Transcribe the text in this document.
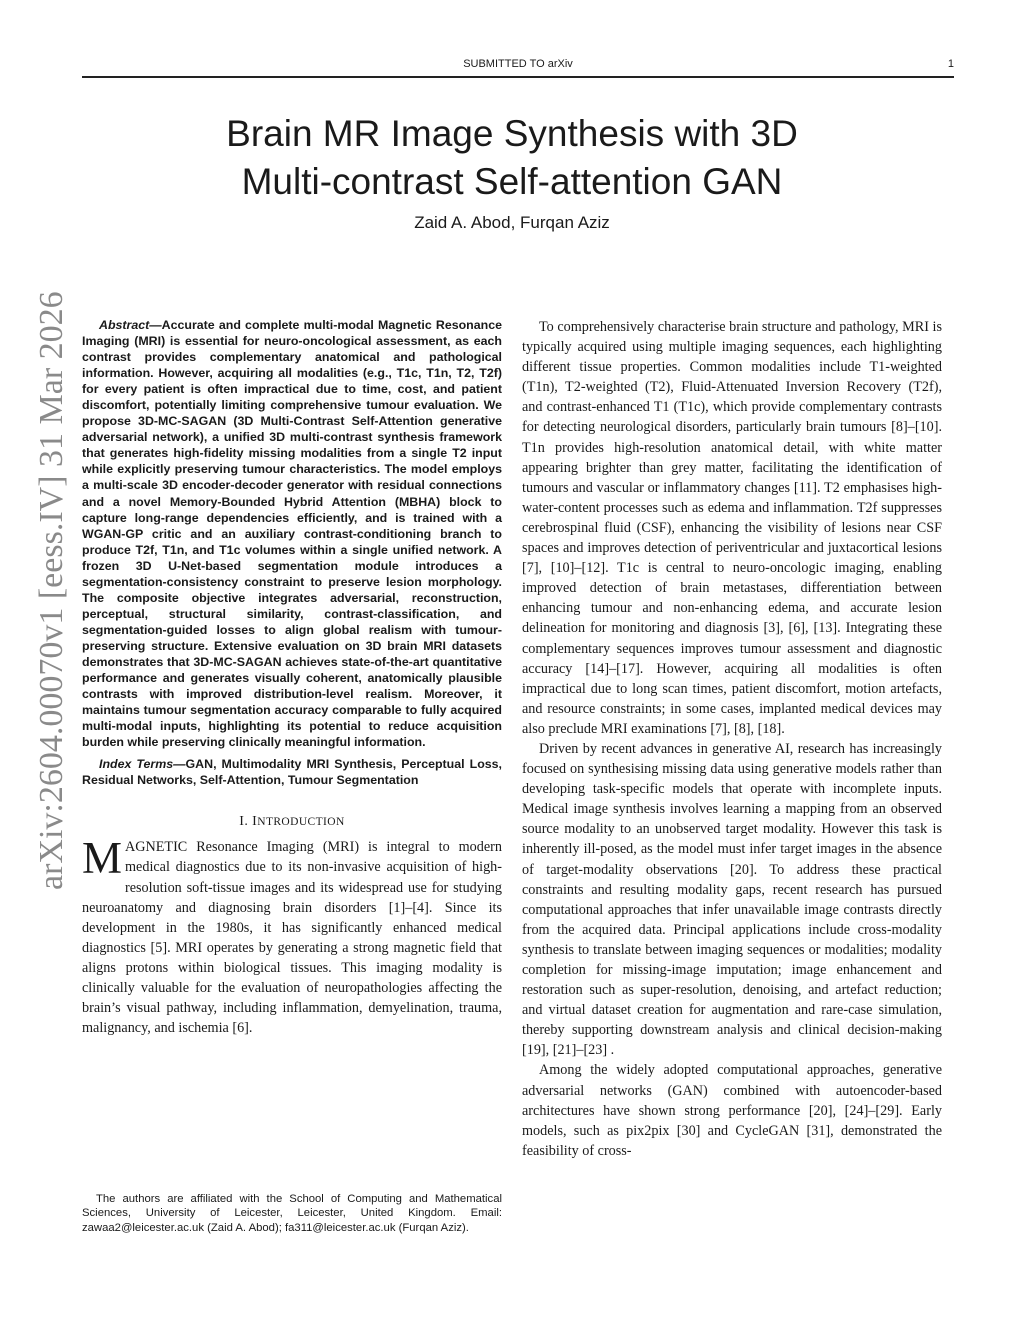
SUBMITTED TO arXiv	1
arXiv:2604.00070v1 [eess.IV] 31 Mar 2026
Brain MR Image Synthesis with 3D
Multi-contrast Self-attention GAN
Zaid A. Abod, Furqan Aziz

Abstract—Accurate and complete multi-modal Magnetic Resonance Imaging (MRI) is essential for neuro-oncological assessment, as each contrast provides complementary anatomical and pathological information. However, acquiring all modalities (e.g., T1c, T1n, T2, T2f) for every patient is often impractical due to time, cost, and patient discomfort, potentially limiting comprehensive tumour evaluation. We propose 3D-MC-SAGAN (3D Multi-Contrast Self-Attention generative adversarial network), a unified 3D multi-contrast synthesis framework that generates high-fidelity missing modalities from a single T2 input while explicitly preserving tumour characteristics. The model employs a multi-scale 3D encoder-decoder generator with residual connections and a novel Memory-Bounded Hybrid Attention (MBHA) block to capture long-range dependencies efficiently, and is trained with a WGAN-GP critic and an auxiliary contrast-conditioning branch to produce T2f, T1n, and T1c volumes within a single unified network. A frozen 3D U-Net-based segmentation module introduces a segmentation-consistency constraint to preserve lesion morphology. The composite objective integrates adversarial, reconstruction, perceptual, structural similarity, contrast-classification, and segmentation-guided losses to align global realism with tumour-preserving structure. Extensive evaluation on 3D brain MRI datasets demonstrates that 3D-MC-SAGAN achieves state-of-the-art quantitative performance and generates visually coherent, anatomically plausible contrasts with improved distribution-level realism. Moreover, it maintains tumour segmentation accuracy comparable to fully acquired multi-modal inputs, highlighting its potential to reduce acquisition burden while preserving clinically meaningful information.

Index Terms—GAN, Multimodality MRI Synthesis, Perceptual Loss, Residual Networks, Self-Attention, Tumour Segmentation

I. INTRODUCTION

MAGNETIC Resonance Imaging (MRI) is integral to modern medical diagnostics due to its non-invasive acquisition of high-resolution soft-tissue images and its widespread use for studying neuroanatomy and diagnosing brain disorders [1]–[4]. Since its development in the 1980s, it has significantly enhanced medical diagnostics [5]. MRI operates by generating a strong magnetic field that aligns protons within biological tissues. This imaging modality is clinically valuable for the evaluation of neuropathologies affecting the brain’s visual pathway, including inflammation, demyelination, trauma, malignancy, and ischemia [6].

The authors are affiliated with the School of Computing and Mathematical Sciences, University of Leicester, Leicester, United Kingdom. Email: zawaa2@leicester.ac.uk (Zaid A. Abod); fa311@leicester.ac.uk (Furqan Aziz).

To comprehensively characterise brain structure and pathology, MRI is typically acquired using multiple imaging sequences, each highlighting different tissue properties. Common modalities include T1-weighted (T1n), T2-weighted (T2), Fluid-Attenuated Inversion Recovery (T2f), and contrast-enhanced T1 (T1c), which provide complementary contrasts for detecting neurological disorders, particularly brain tumours [8]–[10]. T1n provides high-resolution anatomical detail, with white matter appearing brighter than grey matter, facilitating the identification of tumours and vascular or inflammatory changes [11]. T2 emphasises high-water-content processes such as edema and inflammation. T2f suppresses cerebrospinal fluid (CSF), enhancing the visibility of lesions near CSF spaces and improves detection of periventricular and juxtacortical lesions [7], [10]–[12]. T1c is central to neuro-oncologic imaging, enabling improved detection of brain metastases, differentiation between enhancing tumour and non-enhancing edema, and accurate lesion delineation for monitoring and diagnosis [3], [6], [13]. Integrating these complementary sequences improves tumour assessment and diagnostic accuracy [14]–[17]. However, acquiring all modalities is often impractical due to long scan times, patient discomfort, motion artefacts, and resource constraints; in some cases, implanted medical devices may also preclude MRI examinations [7], [8], [18].

Driven by recent advances in generative AI, research has increasingly focused on synthesising missing data using generative models rather than developing task-specific models that operate with incomplete inputs. Medical image synthesis involves learning a mapping from an observed source modality to an unobserved target modality. However this task is inherently ill-posed, as the model must infer target images in the absence of target-modality observations [20]. To address these practical constraints and resulting modality gaps, recent research has pursued computational approaches that infer unavailable image contrasts directly from the acquired data. Principal applications include cross-modality synthesis to translate between imaging sequences or modalities; modality completion for missing-image imputation; image enhancement and restoration such as super-resolution, denoising, and artefact reduction; and virtual dataset creation for augmentation and rare-case simulation, thereby supporting downstream analysis and clinical decision-making [19], [21]–[23] .

Among the widely adopted computational approaches, generative adversarial networks (GAN) combined with autoencoder-based architectures have shown strong performance [20], [24]–[29]. Early models, such as pix2pix [30] and CycleGAN [31], demonstrated the feasibility of cross-
